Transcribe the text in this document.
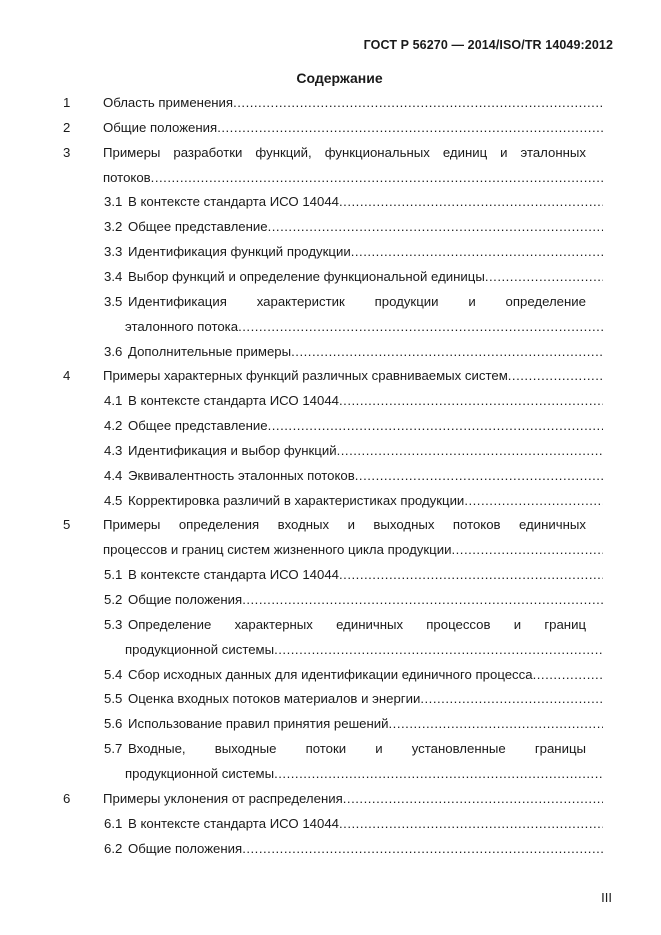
ГОСТ Р 56270 — 2014/ISO/TR 14049:2012
Содержание
1 Область применения
.....
2 Общие положения
.....
3 Примеры разработки функций, функциональных единиц и эталонных
потоков
.....
3.1 В контексте стандарта ИСО 14044
.....
3.2 Общее представление
.....
3.3 Идентификация функций продукции
.....
3.4 Выбор функций и определение функциональной единицы
.....
3.5 Идентификация характеристик продукции и определение
эталонного потока
.....
3.6 Дополнительные примеры
.....
4 Примеры характерных функций различных сравниваемых систем
.....
4.1 В контексте стандарта ИСО 14044
.....
4.2 Общее представление
.....
4.3 Идентификация и выбор функций
.....
4.4 Эквивалентность эталонных потоков
.....
4.5 Корректировка различий в характеристиках продукции
.....
5 Примеры определения входных и выходных потоков единичных
процессов и границ систем жизненного цикла продукции
.....
5.1 В контексте стандарта ИСО 14044
.....
5.2 Общие положения
.....
5.3 Определение характерных единичных процессов и границ
продукционной системы
.....
5.4 Сбор исходных данных для идентификации единичного процесса
.....
5.5 Оценка входных потоков материалов и энергии
.....
5.6 Использование правил принятия решений
.....
5.7 Входные, выходные потоки и установленные границы
продукционной системы
.....
6 Примеры уклонения от распределения
.....
6.1 В контексте стандарта ИСО 14044
.....
6.2 Общие положения
.....
III
